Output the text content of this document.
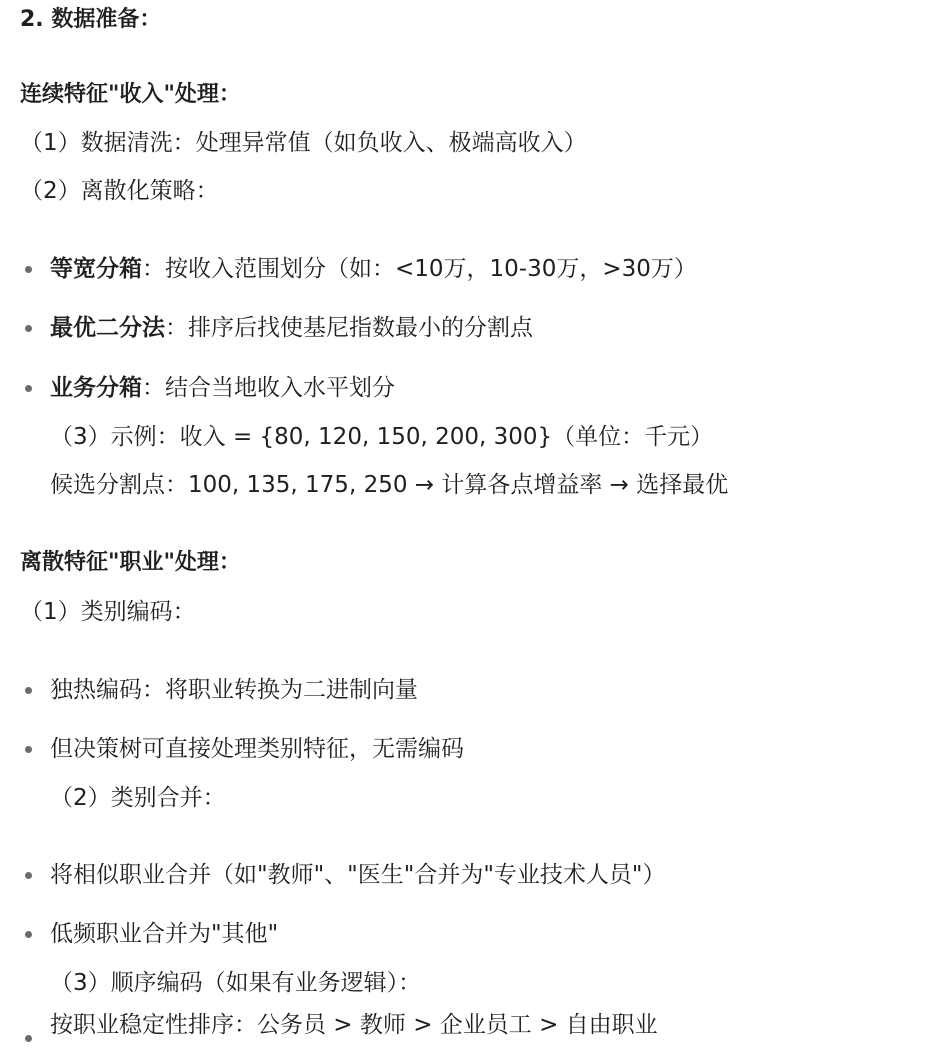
2. 数据准备：
连续特征"收入"处理：
（1）数据清洗：处理异常值（如负收入、极端高收入）
（2）离散化策略：
等宽分箱：按收入范围划分（如：<10万，10-30万，>30万）
最优二分法：排序后找使基尼指数最小的分割点
业务分箱：结合当地收入水平划分
（3）示例：收入 = {80, 120, 150, 200, 300}（单位：千元）
候选分割点：100, 135, 175, 250 → 计算各点增益率 → 选择最优
离散特征"职业"处理：
（1）类别编码：
独热编码：将职业转换为二进制向量
但决策树可直接处理类别特征，无需编码
（2）类别合并：
将相似职业合并（如"教师"、"医生"合并为"专业技术人员"）
低频职业合并为"其他"
（3）顺序编码（如果有业务逻辑）：
按职业稳定性排序：公务员 > 教师 > 企业员工 > 自由职业
